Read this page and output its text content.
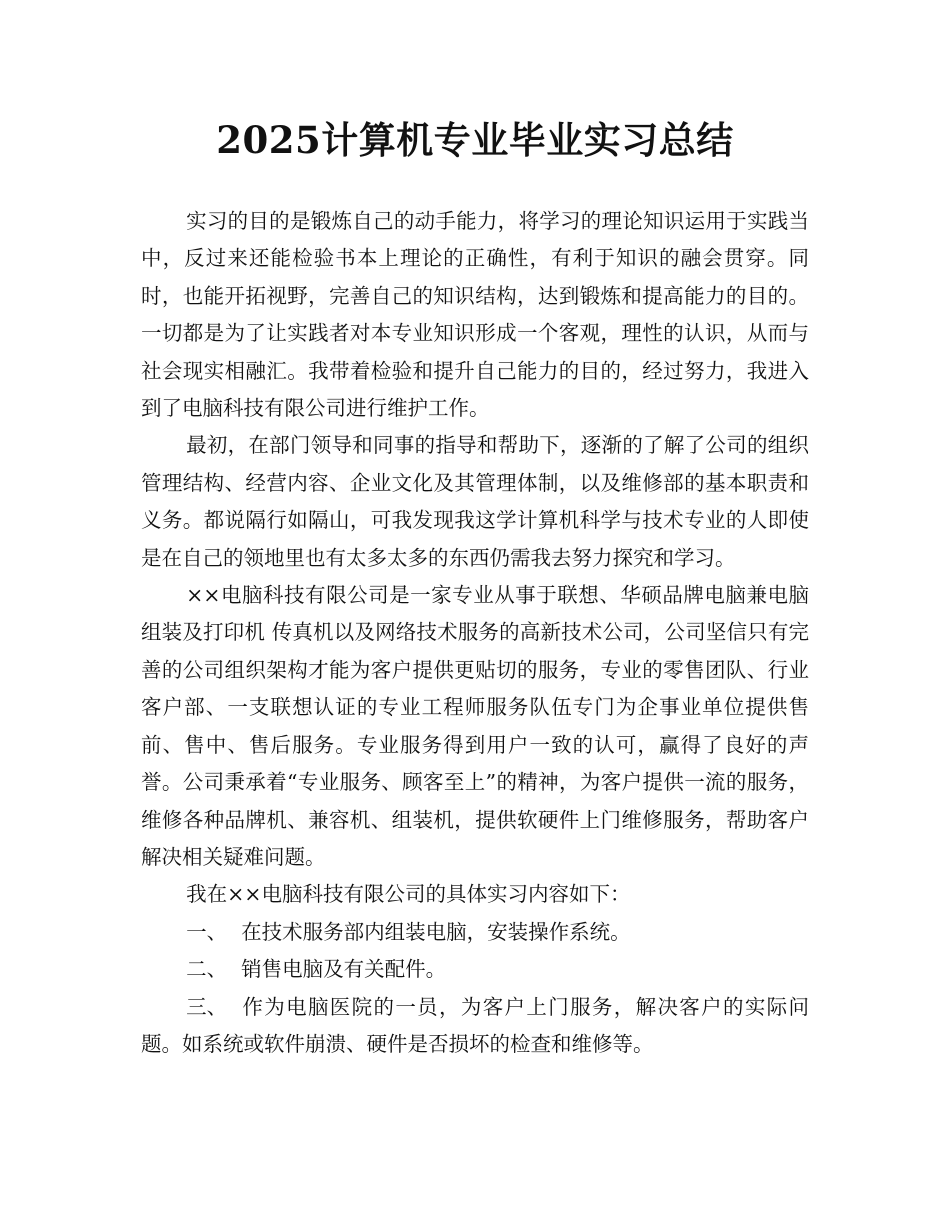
2025计算机专业毕业实习总结

实习的目的是锻炼自己的动手能力，将学习的理论知识运用于实践当中，反过来还能检验书本上理论的正确性，有利于知识的融会贯穿。同时，也能开拓视野，完善自己的知识结构，达到锻炼和提高能力的目的。一切都是为了让实践者对本专业知识形成一个客观，理性的认识，从而与社会现实相融汇。我带着检验和提升自己能力的目的，经过努力，我进入到了电脑科技有限公司进行维护工作。

最初，在部门领导和同事的指导和帮助下，逐渐的了解了公司的组织管理结构、经营内容、企业文化及其管理体制，以及维修部的基本职责和义务。都说隔行如隔山，可我发现我这学计算机科学与技术专业的人即使是在自己的领地里也有太多太多的东西仍需我去努力探究和学习。

××电脑科技有限公司是一家专业从事于联想、华硕品牌电脑兼电脑组装及打印机 传真机以及网络技术服务的高新技术公司，公司坚信只有完善的公司组织架构才能为客户提供更贴切的服务，专业的零售团队、行业客户部、一支联想认证的专业工程师服务队伍专门为企事业单位提供售前、售中、售后服务。专业服务得到用户一致的认可，赢得了良好的声誉。公司秉承着“专业服务、顾客至上”的精神，为客户提供一流的服务，维修各种品牌机、兼容机、组装机，提供软硬件上门维修服务，帮助客户解决相关疑难问题。

我在××电脑科技有限公司的具体实习内容如下：

一、 在技术服务部内组装电脑，安装操作系统。

二、 销售电脑及有关配件。

三、 作为电脑医院的一员，为客户上门服务，解决客户的实际问题。如系统或软件崩溃、硬件是否损坏的检查和维修等。
